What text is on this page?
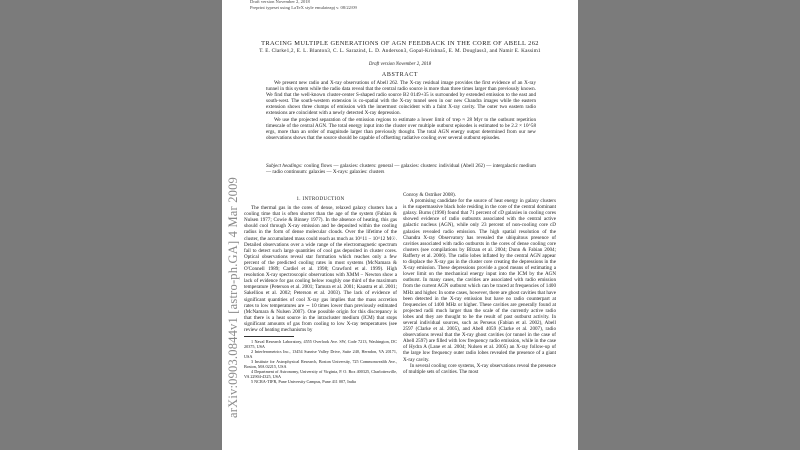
Draft version November 2, 2018
Preprint typeset using LaTeX style emulateapj v. 08/22/09
TRACING MULTIPLE GENERATIONS OF AGN FEEDBACK IN THE CORE OF ABELL 262
T. E. Clarke1,2, E. L. Blanton3, C. L. Sarazin4, L. D. Anderson3, Gopal-Krishna5, E. M. Douglass3, and Namir E. Kassim1
Draft version November 2, 2018
ABSTRACT

We present new radio and X-ray observations of Abell 262. The X-ray residual image provides the first evidence of an X-ray tunnel in this system while the radio data reveal that the central radio source is more than three times larger than previously known. We find that the well-known cluster-center S-shaped radio source B2 0149+35 is surrounded by extended emission to the east and south-west. The south-western extension is co-spatial with the X-ray tunnel seen in our new Chandra images while the eastern extension shows three clumps of emission with the innermost coincident with a faint X-ray cavity. The outer two eastern radio extensions are coincident with a newly detected X-ray depression.

We use the projected separation of the emission regions to estimate a lower limit of τrep ≈ 28 Myr to the outburst repetition timescale of the central AGN. The total energy input into the cluster over multiple outburst episodes is estimated to be 2.2 × 10^58 ergs, more than an order of magnitude larger than previously thought. The total AGN energy output determined from our new observations shows that the source should be capable of offsetting radiative cooling over several outburst episodes.

Subject headings: cooling flows — galaxies: clusters: general — galaxies: clusters: individual (Abell 262) — intergalactic medium — radio continuum: galaxies — X-rays: galaxies: clusters
1. INTRODUCTION

The thermal gas in the cores of dense, relaxed galaxy clusters has a cooling time that is often shorter than the age of the system (Fabian & Nulsen 1977; Cowie & Binney 1977). In the absence of heating, this gas should cool through X-ray emission and be deposited within the cooling radius in the form of dense molecular clouds. Over the lifetime of the cluster, the accumulated mass could reach as much as 10^11 − 10^12 M☉. Detailed observations over a wide range of the electromagnetic spectrum fail to detect such large quantities of cool gas deposited in cluster cores. Optical observations reveal star formation which reaches only a few percent of the predicted cooling rates in most systems (McNamara & O'Connell 1989; Cardiel et al. 1998; Crawford et al. 1999). High resolution X-ray spectroscopic observations with XMM − Newton show a lack of evidence for gas cooling below roughly one third of the maximum temperature (Peterson et al. 2001; Tamura et al. 2001; Kaastra et al. 2001; Sakelliou et al. 2002; Peterson et al. 2003). The lack of evidence of significant quantities of cool X-ray gas implies that the mass accretion rates to low temperatures are ∼ 10 times lower than previously estimated (McNamara & Nulsen 2007). One possible origin for this discrepancy is that there is a heat source in the intracluster medium (ICM) that stops significant amounts of gas from cooling to low X-ray temperatures (see review of heating mechanisms by

1 Naval Research Laboratory, 4555 Overlook Ave. SW, Code 7213, Washington, DC 20375, USA

2 Interferometrics Inc., 13454 Sunrise Valley Drive, Suite 240, Herndon, VA 20171, USA

3 Institute for Astrophysical Research, Boston University, 725 Commonwealth Ave., Boston, MA 02215, USA

4 Department of Astronomy, University of Virginia, P. O. Box 400325, Charlottesville, VA 22904-4325, USA

5 NCRA-TIFR, Pune University Campus, Pune 411 007, India

Conroy & Ostriker 2008).

A promising candidate for the source of heat energy in galaxy clusters is the supermassive black hole residing in the core of the central dominant galaxy. Burns (1990) found that 71 percent of cD galaxies in cooling cores showed evidence of radio outbursts associated with the central active galactic nucleus (AGN), while only 23 percent of non-cooling core cD galaxies revealed radio emission. The high spatial resolution of the Chandra X-ray Observatory has revealed the ubiquitous presence of cavities associated with radio outbursts in the cores of dense cooling core clusters (see compilations by Bîrzan et al. 2004; Dunn & Fabian 2004; Rafferty et al. 2006). The radio lobes inflated by the central AGN appear to displace the X-ray gas in the cluster core creating the depressions in the X-ray emission. These depressions provide a good means of estimating a lower limit on the mechanical energy input into the ICM by the AGN outburst. In many cases, the cavities are associated with radio emission from the current AGN outburst which can be traced at frequencies of 1400 MHz and higher. In some cases, however, there are ghost cavities that have been detected in the X-ray emission but have no radio counterpart at frequencies of 1400 MHz or higher. These cavities are generally found at projected radii much larger than the scale of the currently active radio lobes and they are thought to be the result of past outburst activity. In several individual sources, such as Perseus (Fabian et al. 2002), Abell 2597 (Clarke et al. 2005), and Abell 4059 (Clarke et al. 2007), radio observations reveal that the X-ray ghost cavities (or tunnel in the case of Abell 2597) are filled with low frequency radio emission, while in the case of Hydra A (Lane et al. 2004; Nulsen et al. 2005) an X-ray follow-up of the large low frequency outer radio lobes revealed the presence of a giant X-ray cavity.

In several cooling core systems, X-ray observations reveal the presence of multiple sets of cavities. The most

arXiv:0903.0844v1 [astro-ph.GA] 4 Mar 2009
